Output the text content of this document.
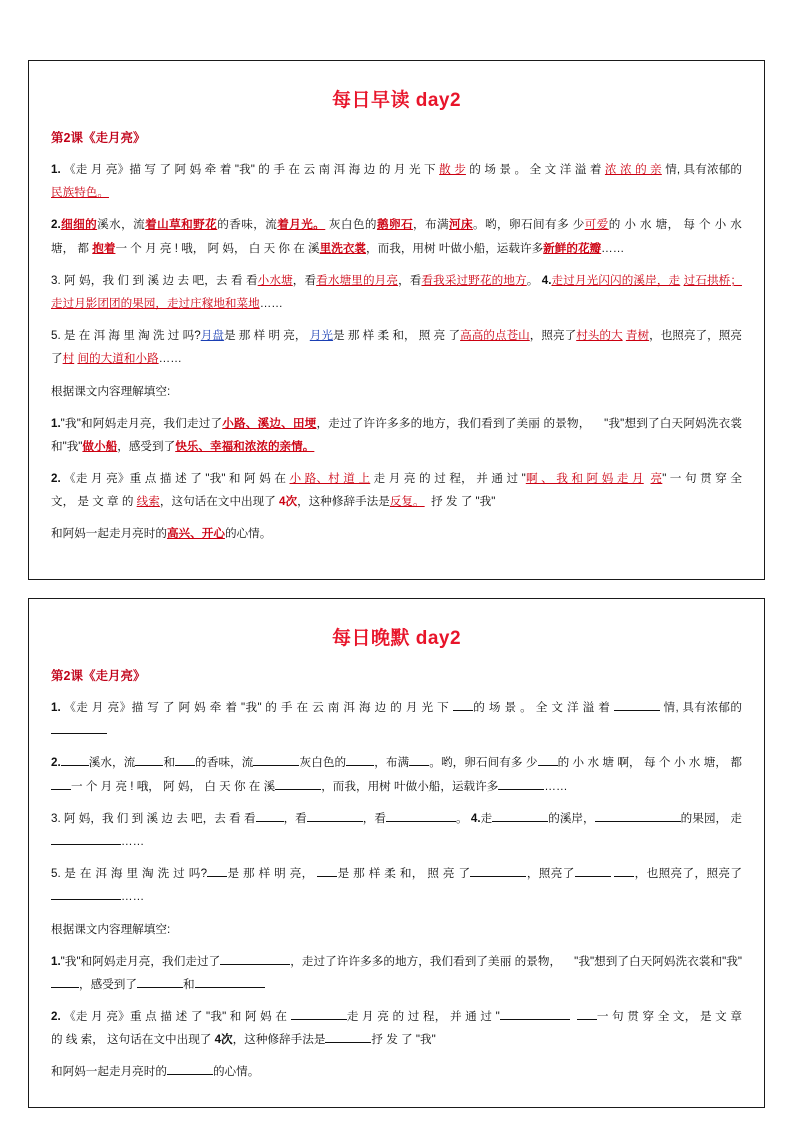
每日早读 day2
第2课《走月亮》

1. 《走 月 亮》描 写 了 阿 妈 牵 着 "我" 的 手 在 云 南 洱 海 边 的 月 光 下 散 步 的 场 景 。 全 文 洋 溢 着 浓 浓 的 亲 情, 具有浓郁的民族特色。

2.细细的溪水，流着山草和野花的香味，流着月光。 灰白色的鹅卵石，布满河床。哟，卵石间有多 少可爱的 小 水 塘， 每 个 小 水 塘， 都 抱着一 个 月 亮 ! 哦， 阿 妈， 白 天 你 在 溪里洗衣裳，而我，用树 叶做小船，运载许多新鲜的花瓣……

3. 阿 妈，我 们 到 溪 边 去 吧，去 看 看小水塘，看看水塘里的月亮，看看我采过野花的地方。 4.走过月光闪闪的溪岸，走 过石拱桥；走过月影团团的果园，走过庄稼地和菜地……

5. 是 在 洱 海 里 淘 洗 过 吗?月盘是 那 样 明 亮， 月光是 那 样 柔 和， 照 亮 了高高的点苍山，照亮了村头的大 青树，也照亮了，照亮了村 间的大道和小路……

根据课文内容理解填空:

1."我"和阿妈走月亮，我们走过了小路、溪边、田埂，走过了许许多多的地方，我们看到了美丽 的景物，    "我"想到了白天阿妈洗衣裳和"我"做小船，感受到了快乐、幸福和浓浓的亲情。

2. 《走 月 亮》重 点 描 述 了 "我" 和 阿 妈 在 小 路、村 道 上 走 月 亮 的 过 程， 并 通 过 "啊 、 我 和 阿 妈 走 月 亮" 一 句 贯 穿 全 文， 是 文 章 的 线索，这句话在文中出现了 4次，这种修辞手法是反复。  抒 发 了 "我"

和阿妈一起走月亮时的高兴、开心的心情。

每日晚默 day2
第2课《走月亮》

1. 《走 月 亮》描 写 了 阿 妈 牵 着 "我" 的 手 在 云 南 洱 海 边 的 月 光 下 的 场 景 。 全 文 洋 溢 着	情, 具有浓郁的

2. 溪水，流 和 的香味，流	灰白色的 ，布满 。哟，卵石间有多 少 的 小 水 塘 啊， 每 个 小 水 塘， 都 一 个 月 亮 ! 哦， 阿 妈， 白 天 你 在 溪	，而我，用树 叶做小船，运载许多	……

3. 阿 妈，我 们 到 溪 边 去 吧，去 看 看 ，看	，看	。 4.走	的溪岸，	的果园， 走……

5. 是 在 洱 海 里 淘 洗 过 吗? 是 那 样 明 亮， 是 那 样 柔 和， 照 亮 了	，照亮了	，也照亮了，照亮了……

根据课文内容理解填空:

1."我"和阿妈走月亮，我们走过了	，走过了许许多多的地方，我们看到了美丽 的景物，    "我"想到了白天阿妈洗衣裳和"我"，感受到了	和

2. 《走 月 亮》重 点 描 述 了 "我" 和 阿 妈 在	走 月 亮 的 过 程， 并 通 过 "	一 句 贯 穿 全 文， 是 文 章 的 线 索， 这句话在文中出现了 4次，这种修辞手法是	抒 发 了 "我"

和阿妈一起走月亮时的	的心情。
